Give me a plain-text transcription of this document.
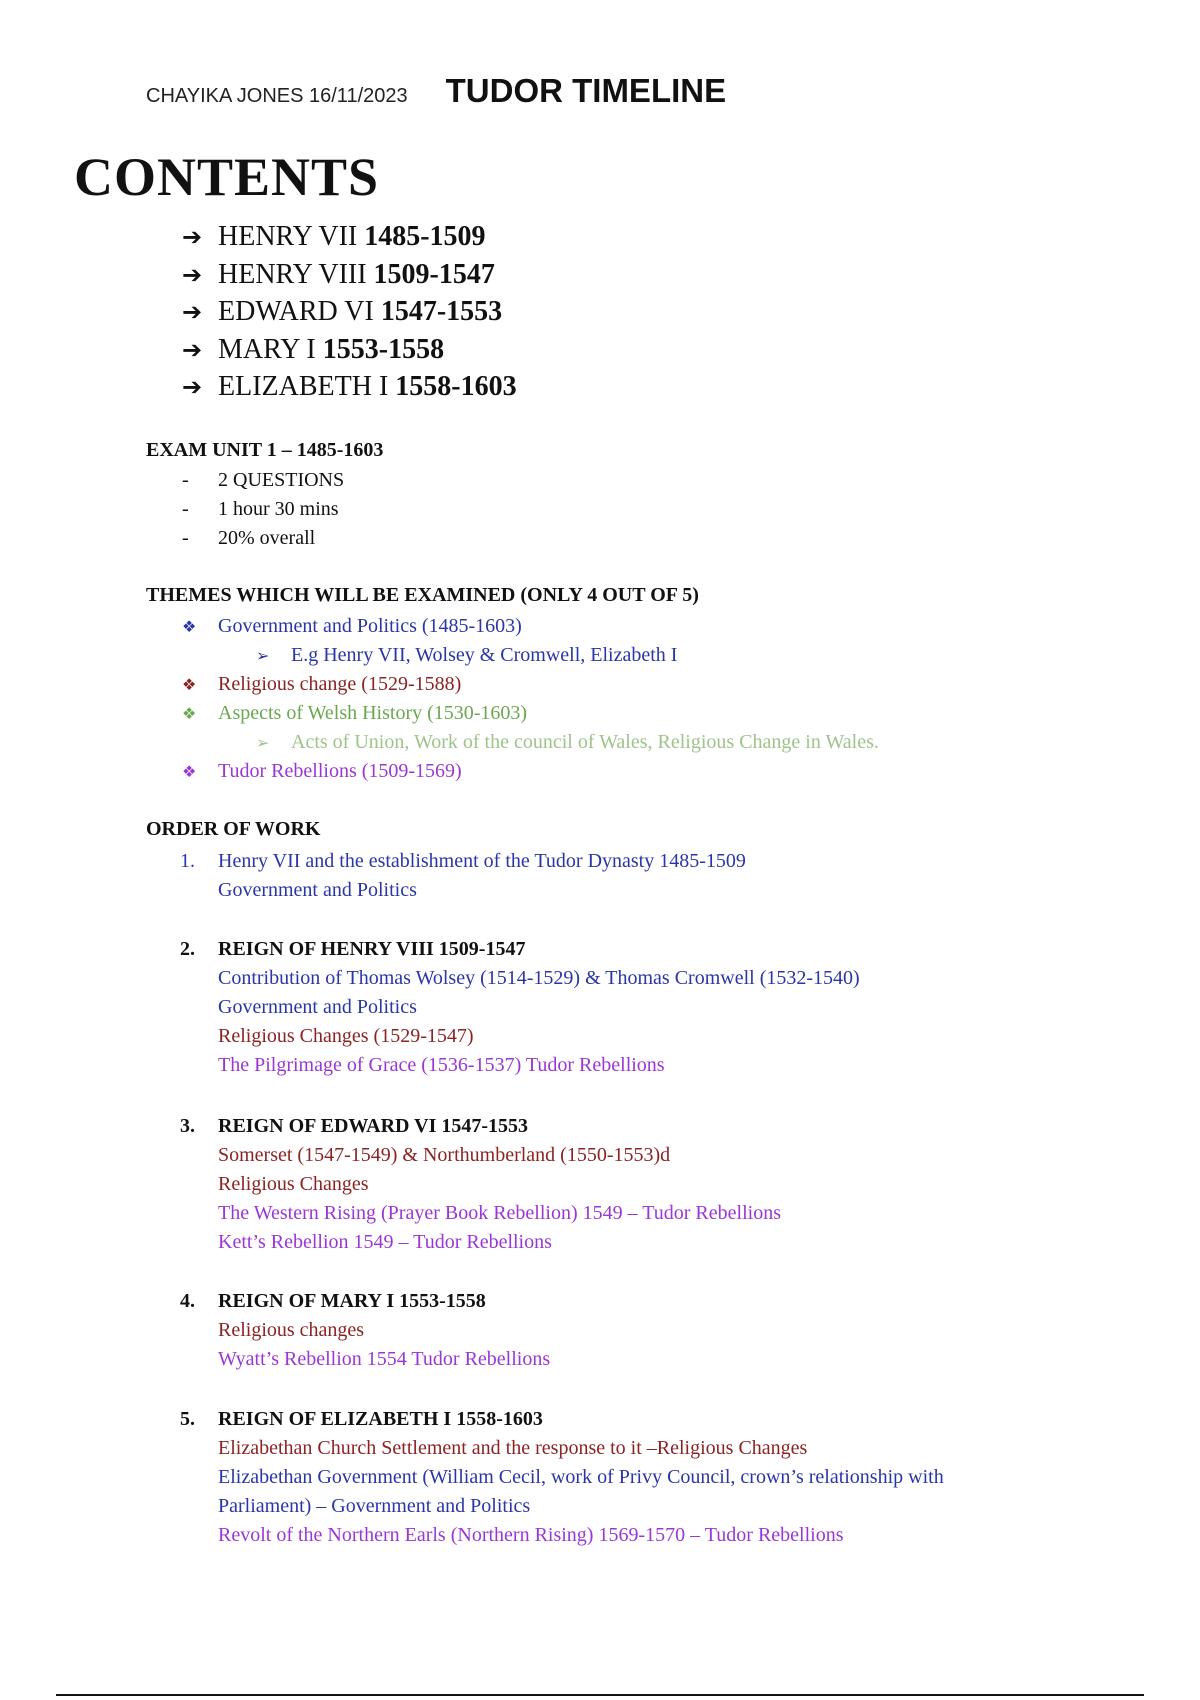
CHAYIKA JONES 16/11/2023 TUDOR TIMELINE
CONTENTS
➔ HENRY VII 1485-1509
➔ HENRY VIII 1509-1547
➔ EDWARD VI 1547-1553
➔ MARY I 1553-1558
➔ ELIZABETH I 1558-1603
EXAM UNIT 1 – 1485-1603
- 2 QUESTIONS
- 1 hour 30 mins
- 20% overall
THEMES WHICH WILL BE EXAMINED (ONLY 4 OUT OF 5)
❖ Government and Politics (1485-1603)
➢ E.g Henry VII, Wolsey & Cromwell, Elizabeth I
❖ Religious change (1529-1588)
❖ Aspects of Welsh History (1530-1603)
➢ Acts of Union, Work of the council of Wales, Religious Change in Wales.
❖ Tudor Rebellions (1509-1569)
ORDER OF WORK
1. Henry VII and the establishment of the Tudor Dynasty 1485-1509
Government and Politics
2. REIGN OF HENRY VIII 1509-1547
Contribution of Thomas Wolsey (1514-1529) & Thomas Cromwell (1532-1540)
Government and Politics
Religious Changes (1529-1547)
The Pilgrimage of Grace (1536-1537) Tudor Rebellions
3. REIGN OF EDWARD VI 1547-1553
Somerset (1547-1549) & Northumberland (1550-1553)d
Religious Changes
The Western Rising (Prayer Book Rebellion) 1549 – Tudor Rebellions
Kett’s Rebellion 1549 – Tudor Rebellions
4. REIGN OF MARY I 1553-1558
Religious changes
Wyatt’s Rebellion 1554 Tudor Rebellions
5. REIGN OF ELIZABETH I 1558-1603
Elizabethan Church Settlement and the response to it –Religious Changes
Elizabethan Government (William Cecil, work of Privy Council, crown’s relationship with
Parliament) – Government and Politics
Revolt of the Northern Earls (Northern Rising) 1569-1570 – Tudor Rebellions
